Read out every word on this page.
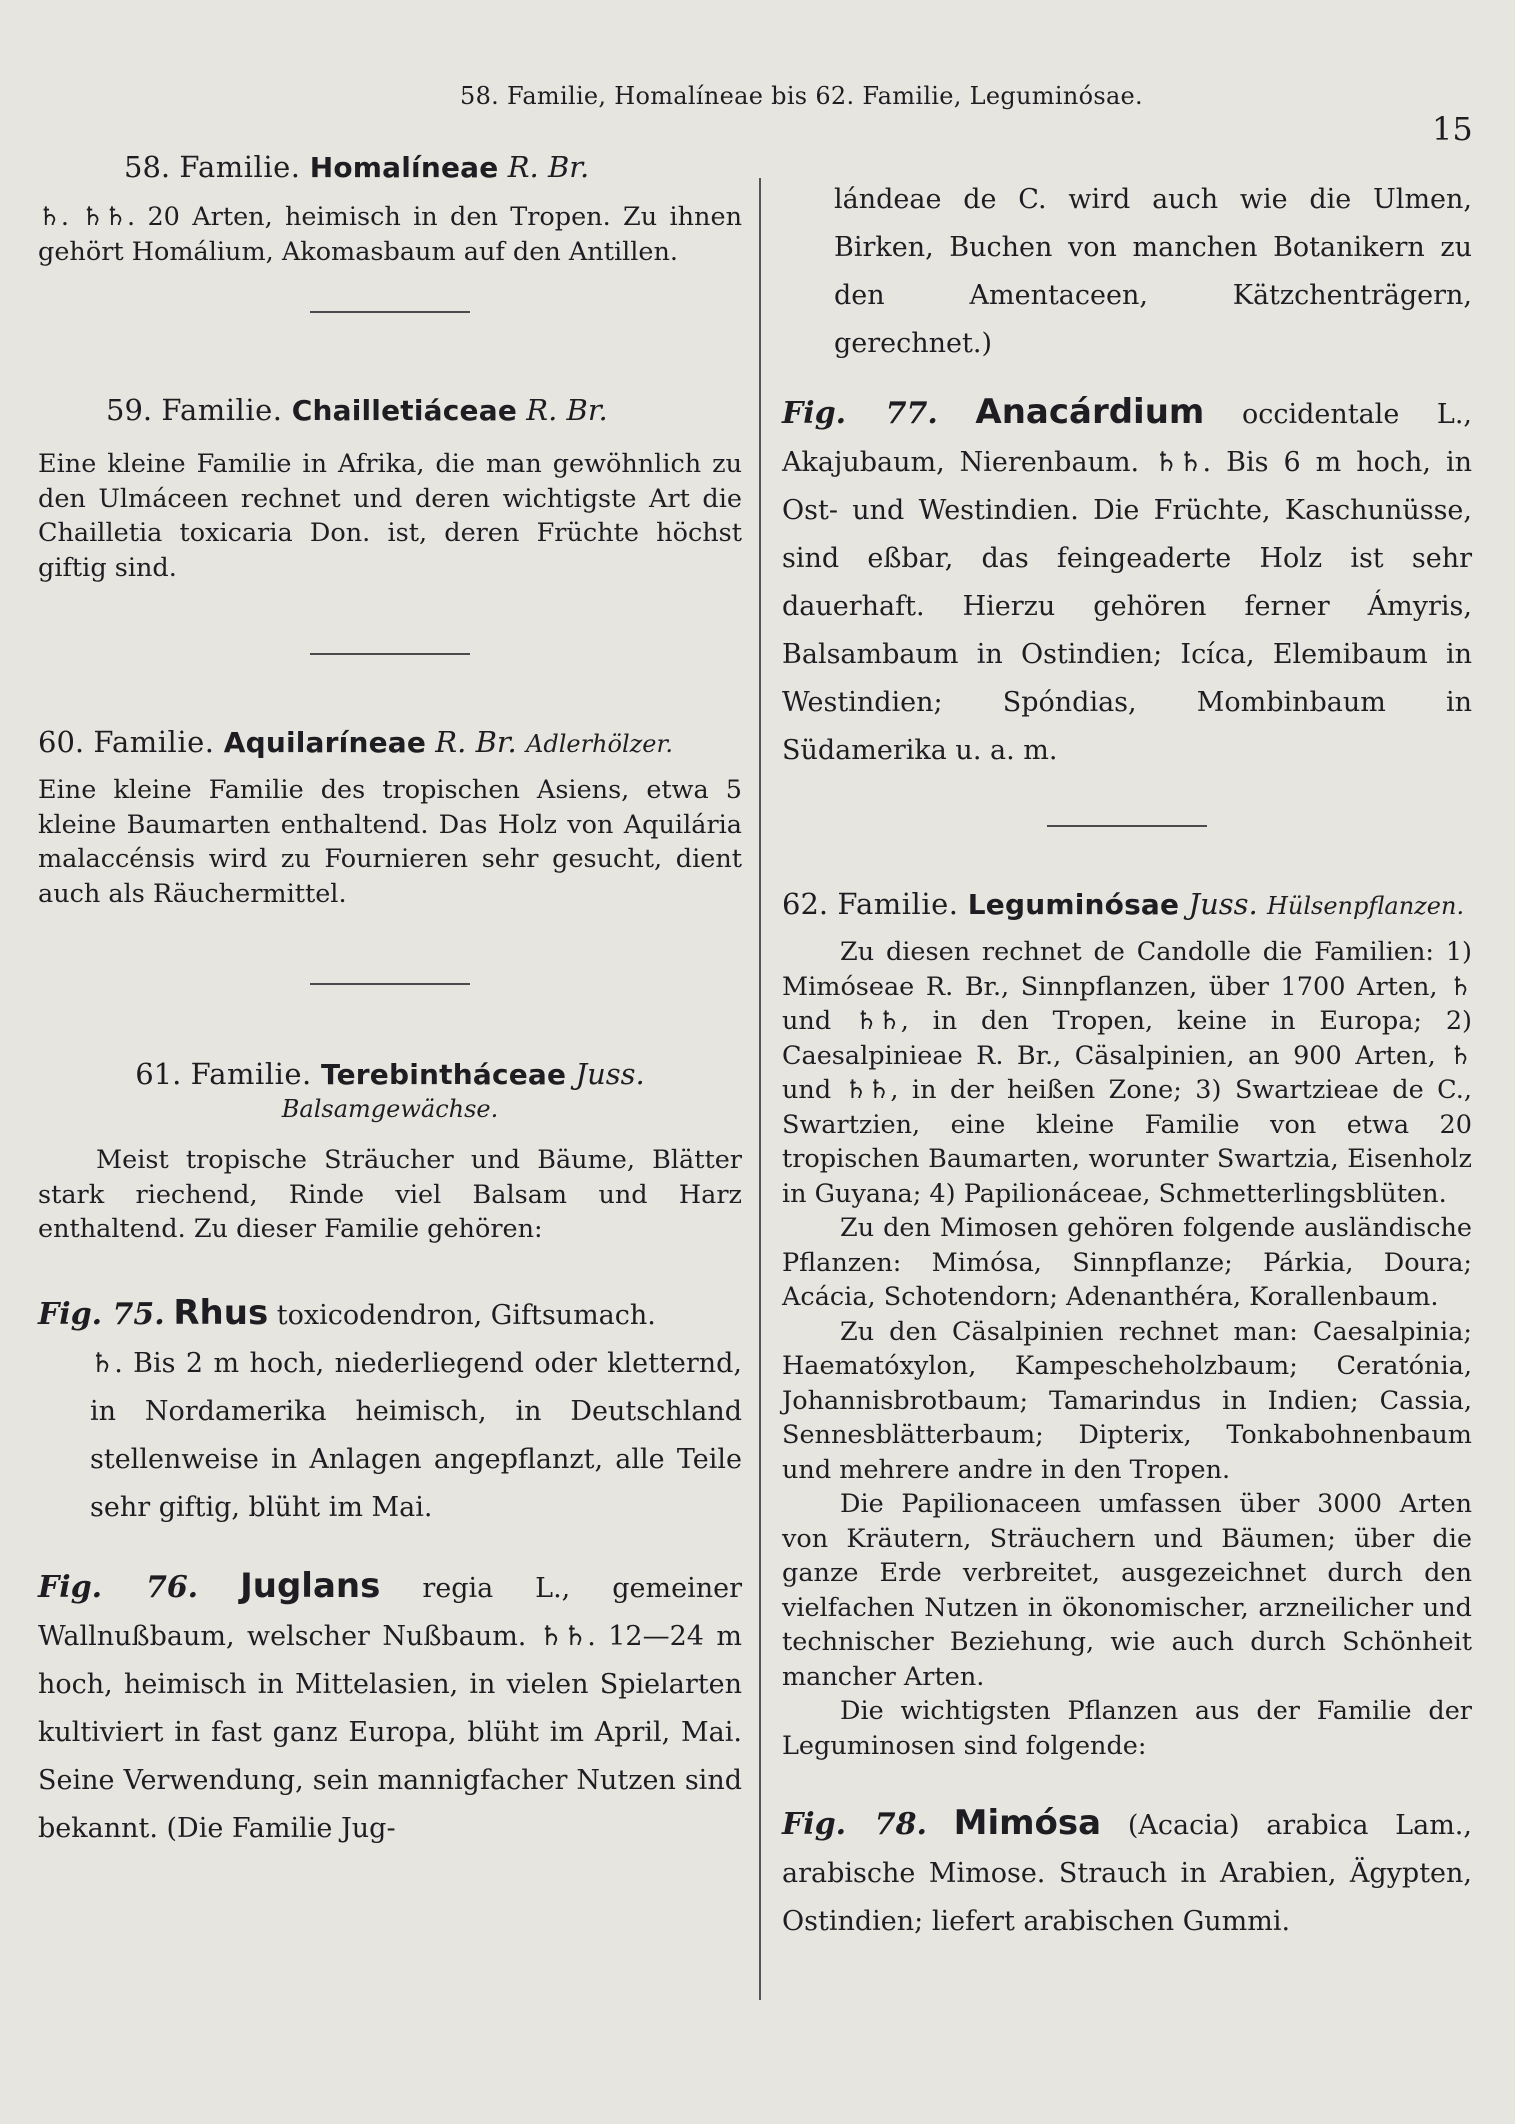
58. Familie, Homalíneae bis 62. Familie, Leguminósae.
15
58. Familie. Homalíneae R. Br.

♄. ♄♄. 20 Arten, heimisch in den Tropen. Zu ihnen gehört Homálium, Akomasbaum auf den Antillen.

59. Familie. Chailletiáceae R. Br.

Eine kleine Familie in Afrika, die man gewöhnlich zu den Ulmáceen rechnet und deren wichtigste Art die Chailletia toxicaria Don. ist, deren Früchte höchst giftig sind.

60. Familie. Aquilaríneae R. Br. Adlerhölzer.

Eine kleine Familie des tropischen Asiens, etwa 5 kleine Baumarten enthaltend. Das Holz von Aquilária malaccénsis wird zu Fournieren sehr gesucht, dient auch als Räuchermittel.

61. Familie. Terebintháceae Juss.
Balsamgewächse.

Meist tropische Sträucher und Bäume, Blätter stark riechend, Rinde viel Balsam und Harz enthaltend. Zu dieser Familie gehören:

Fig. 75. Rhus toxicodendron, Giftsumach.

♄. Bis 2 m hoch, niederliegend oder kletternd, in Nordamerika heimisch, in Deutschland stellenweise in Anlagen angepflanzt, alle Teile sehr giftig, blüht im Mai.

Fig. 76. Juglans regia L., gemeiner Wallnußbaum, welscher Nußbaum. ♄♄. 12—24 m hoch, heimisch in Mittelasien, in vielen Spielarten kultiviert in fast ganz Europa, blüht im April, Mai. Seine Verwendung, sein mannigfacher Nutzen sind bekannt. (Die Familie Jug-

lándeae de C. wird auch wie die Ulmen, Birken, Buchen von manchen Botanikern zu den Amentaceen, Kätzchenträgern, gerechnet.)

Fig. 77. Anacárdium occidentale L., Akajubaum, Nierenbaum. ♄♄. Bis 6 m hoch, in Ost- und Westindien. Die Früchte, Kaschunüsse, sind eßbar, das feingeaderte Holz ist sehr dauerhaft. Hierzu gehören ferner Ámyris, Balsambaum in Ostindien; Icíca, Elemibaum in Westindien; Spóndias, Mombinbaum in Südamerika u. a. m.

62. Familie. Leguminósae Juss. Hülsenpflanzen.

Zu diesen rechnet de Candolle die Familien: 1) Mimóseae R. Br., Sinnpflanzen, über 1700 Arten, ♄ und ♄♄, in den Tropen, keine in Europa; 2) Caesalpinieae R. Br., Cäsalpinien, an 900 Arten, ♄ und ♄♄, in der heißen Zone; 3) Swartzieae de C., Swartzien, eine kleine Familie von etwa 20 tropischen Baumarten, worunter Swartzia, Eisenholz in Guyana; 4) Papilionáceae, Schmetterlingsblüten.

Zu den Mimosen gehören folgende ausländische Pflanzen: Mimósa, Sinnpflanze; Párkia, Doura; Acácia, Schotendorn; Adenanthéra, Korallenbaum.

Zu den Cäsalpinien rechnet man: Caesalpinia; Haematóxylon, Kampescheholzbaum; Ceratónia, Johannisbrotbaum; Tamarindus in Indien; Cassia, Sennesblätterbaum; Dipterix, Tonkabohnenbaum und mehrere andre in den Tropen.

Die Papilionacеen umfassen über 3000 Arten von Kräutern, Sträuchern und Bäumen; über die ganze Erde verbreitet, ausgezeichnet durch den vielfachen Nutzen in ökonomischer, arzneilicher und technischer Beziehung, wie auch durch Schönheit mancher Arten.

Die wichtigsten Pflanzen aus der Familie der Leguminosen sind folgende:

Fig. 78. Mimósa (Acacia) arabica Lam., arabische Mimose. Strauch in Arabien, Ägypten, Ostindien; liefert arabischen Gummi.
